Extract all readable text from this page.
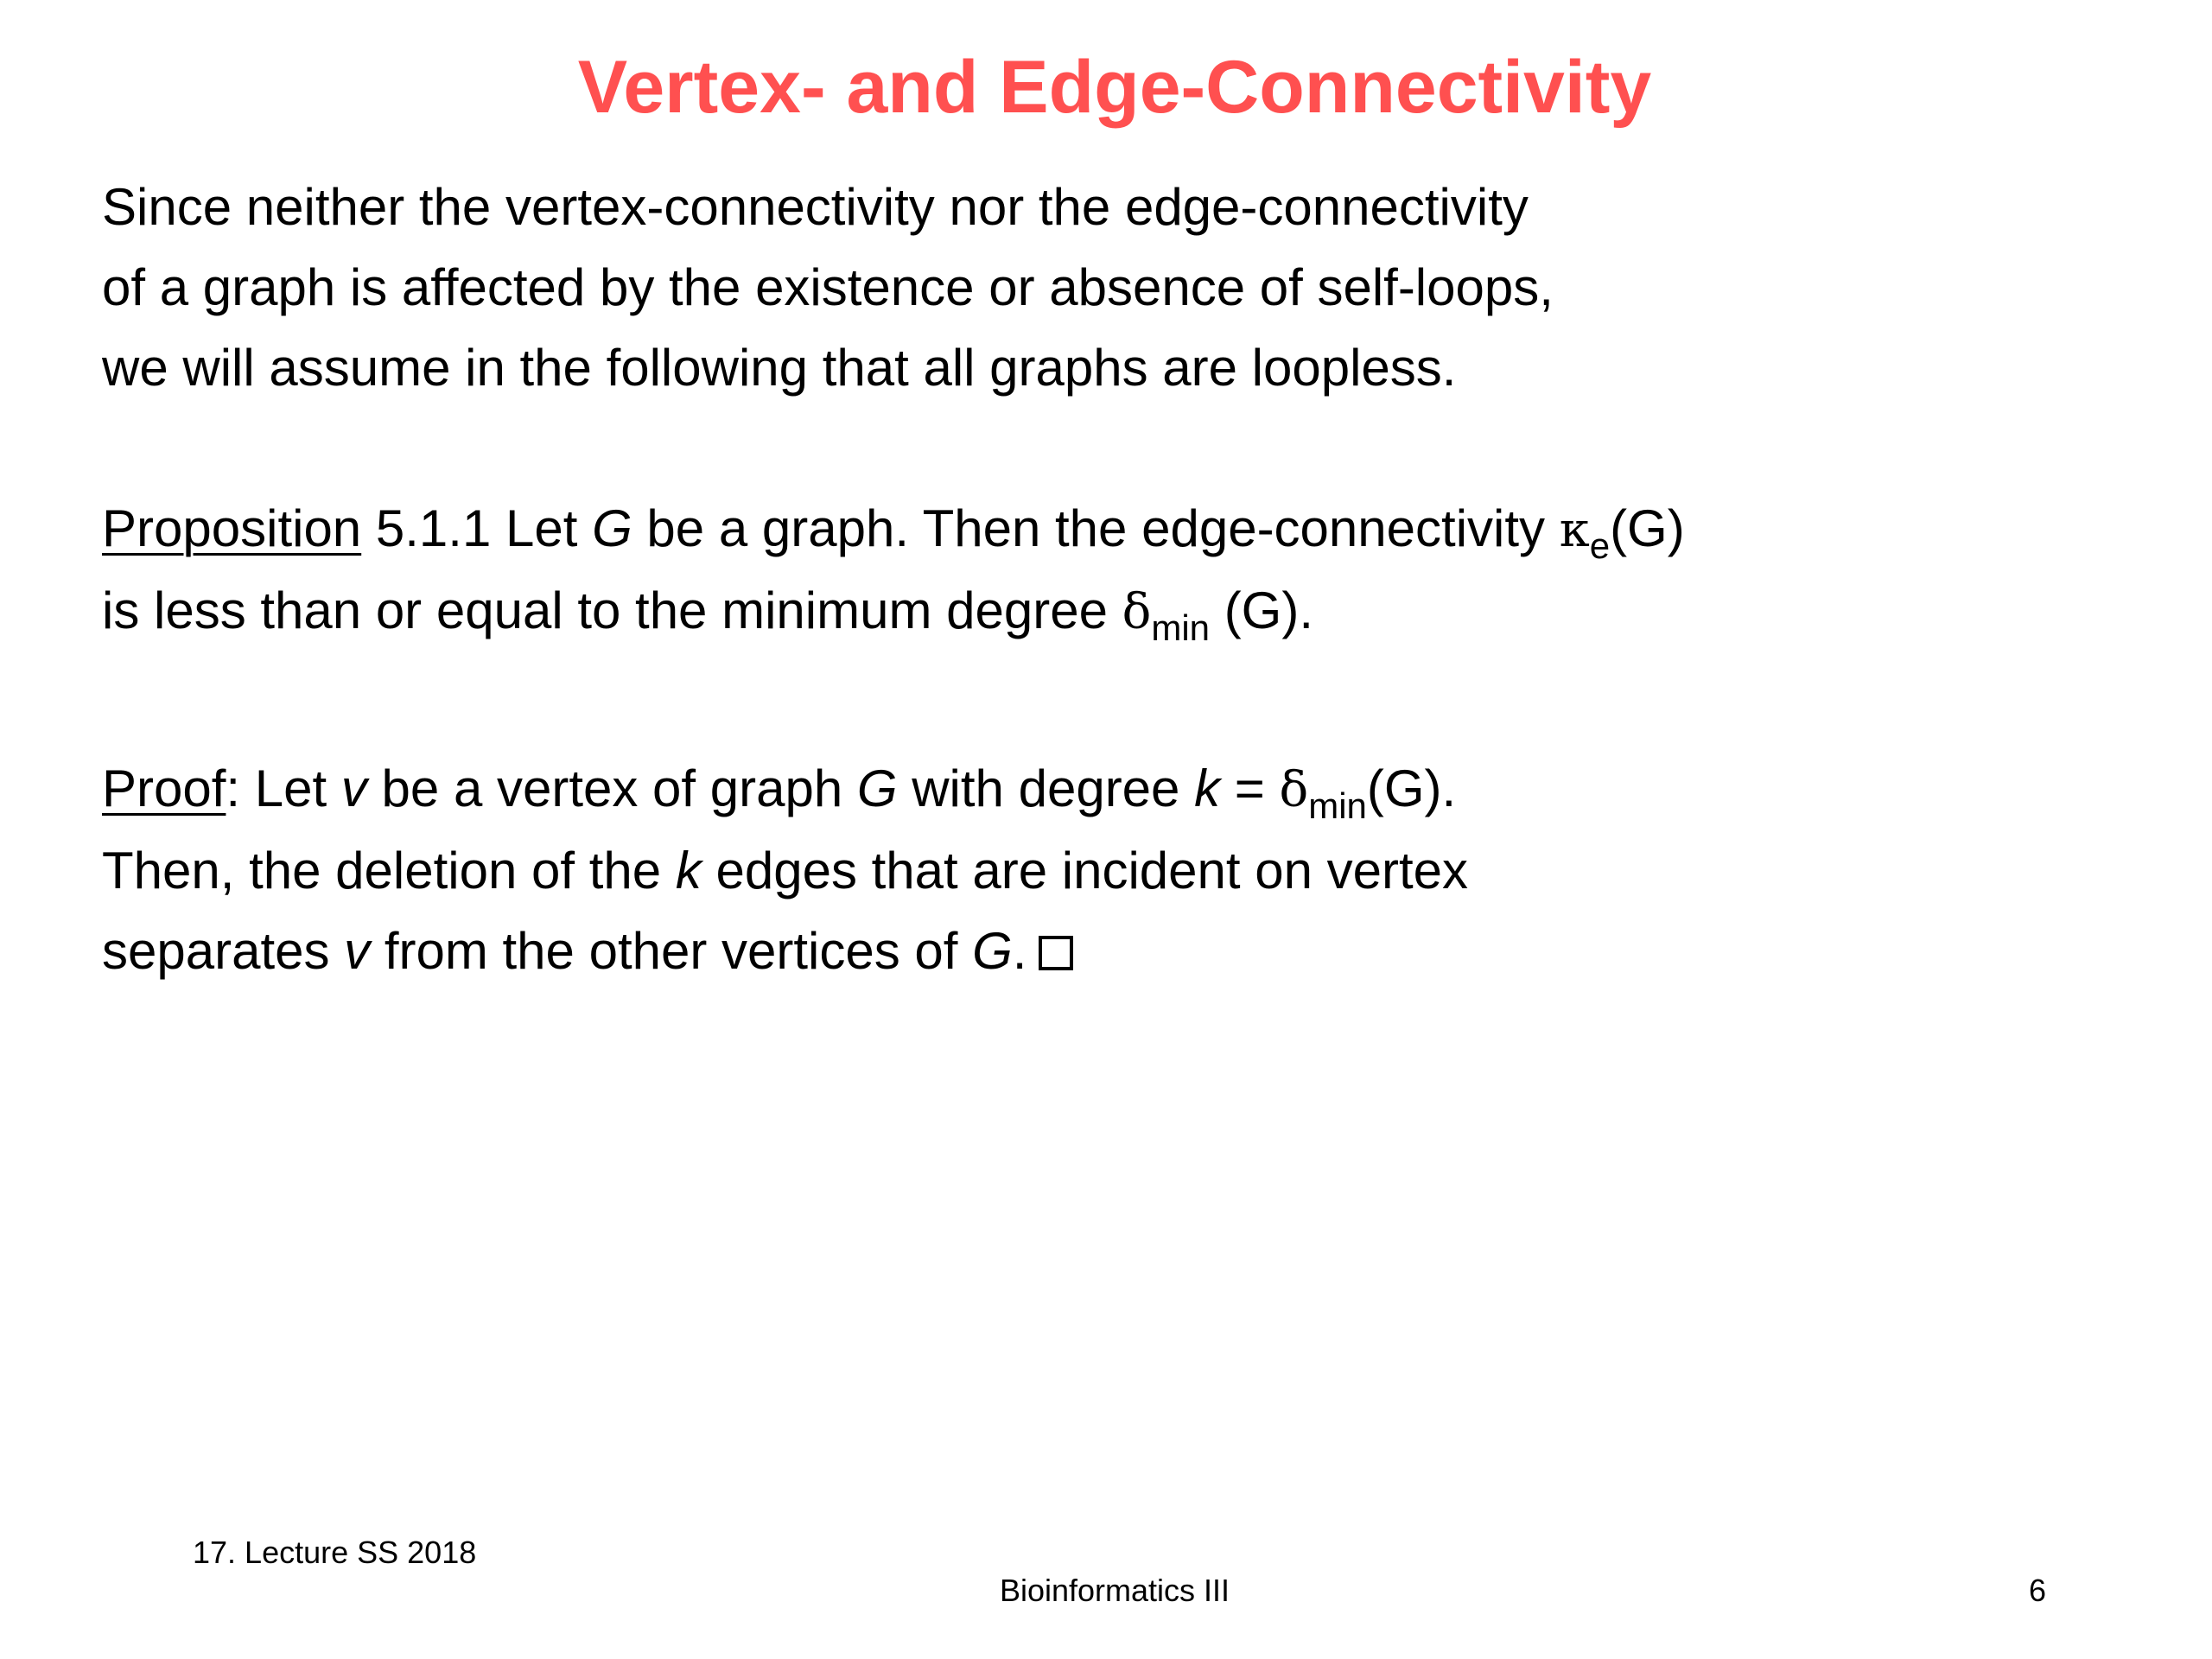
Vertex- and Edge-Connectivity
Since neither the vertex-connectivity nor the edge-connectivity
of a graph is affected by the existence or absence of self-loops,
we will assume in the following that all graphs are loopless.
Proposition 5.1.1 Let G be a graph. Then the edge-connectivity $\kappa_e(G)$
is less than or equal to the minimum degree $\delta_{min}$ (G).
Proof: Let v be a vertex of graph G with degree $k = \delta_{min}(G)$.
Then, the deletion of the k edges that are incident on vertex
separates v from the other vertices of G.
17. Lecture SS 2018
Bioinformatics III	6
